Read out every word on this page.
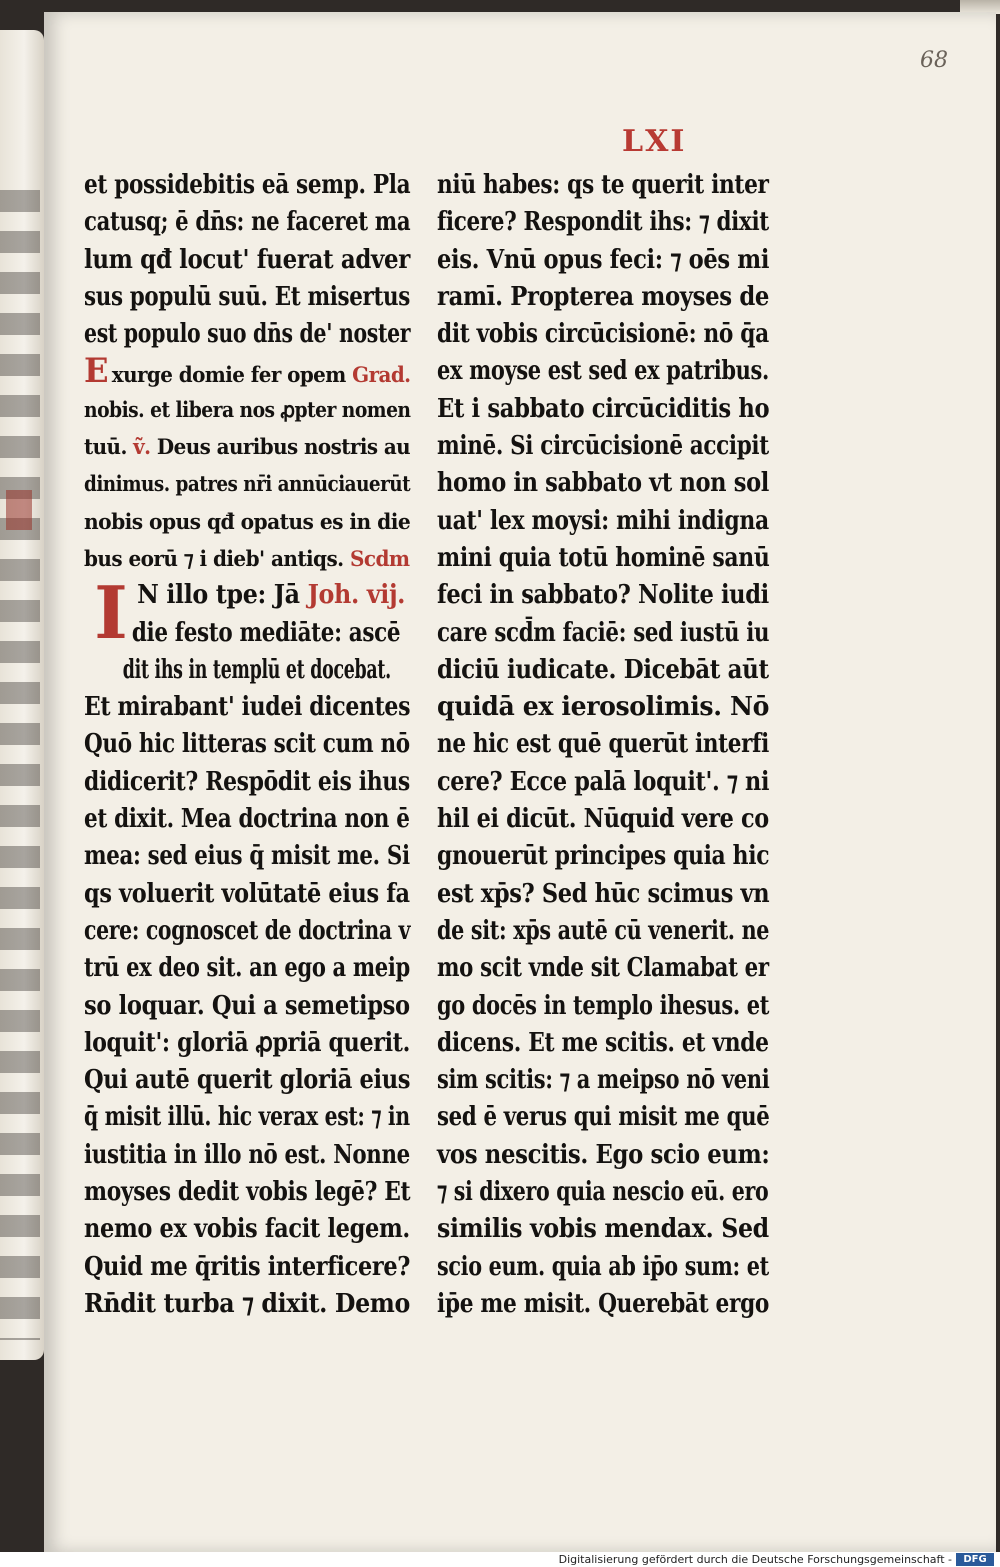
68
LXI
et possidebitis eā semp. Pla
catusq; ē dn̄s: ne faceret ma
lum qđ locut' fuerat adver
sus populū suū. Et misertus
est populo suo dn̄s de' noster
Exurge domie fer opem Grad.
nobis. et libera nos ꝓpter nomen
tuū. ṽ. Deus auribus nostris au
dinimus. patres nr̄i annūciauerūt
nobis opus qđ opatus es in die
bus eorū ⁊ i dieb' antiqs. Scdm
I N illo tpe: Jā Joh. vij.
die festo mediāte: ascē
dit ihs in templū et docebat.
Et mirabant' iudei dicentes
Quō hic litteras scit cum nō
didicerit? Respōdit eis ihus
et dixit. Mea doctrina non ē
mea: sed eius q̄ misit me. Si
qs voluerit volūtatē eius fa
cere: cognoscet de doctrina v
trū ex deo sit. an ego a meip
so loquar. Qui a semetipso
loquit': gloriā ꝓpriā querit.
Qui autē querit gloriā eius
q̄ misit illū. hic verax est: ⁊ in
iustitia in illo nō est. Nonne
moyses dedit vobis legē? Et
nemo ex vobis facit legem.
Quid me q̄ritis interficere?
Rn̄dit turba ⁊ dixit. Demo
niū habes: qs te querit inter
ficere? Respondit ihs: ⁊ dixit
eis. Vnū opus feci: ⁊ oēs mi
ramī. Propterea moyses de
dit vobis circūcisionē: nō q̄a
ex moyse est sed ex patribus.
Et i sabbato circūciditis ho
minē. Si circūcisionē accipit
homo in sabbato vt non sol
uat' lex moysi: mihi indigna
mini quia totū hominē sanū
feci in sabbato? Nolite iudi
care scd̄m faciē: sed iustū iu
diciū iudicate. Dicebāt aūt
quidā ex ierosolimis. Nō
ne hic est quē querūt interfi
cere? Ecce palā loquit'. ⁊ ni
hil ei dicūt. Nūquid vere co
gnouerūt principes quia hic
est xp̄s? Sed hūc scimus vn
de sit: xp̄s autē cū venerit. ne
mo scit vnde sit Clamabat er
go docēs in templo ihesus. et
dicens. Et me scitis. et vnde
sim scitis: ⁊ a meipso nō veni
sed ē verus qui misit me quē
vos nescitis. Ego scio eum:
⁊ si dixero quia nescio eū. ero
similis vobis mendax. Sed
scio eum. quia ab ip̄o sum: et
ip̄e me misit. Querebāt ergo
Digitalisierung gefördert durch die Deutsche Forschungsgemeinschaft -	DFG
